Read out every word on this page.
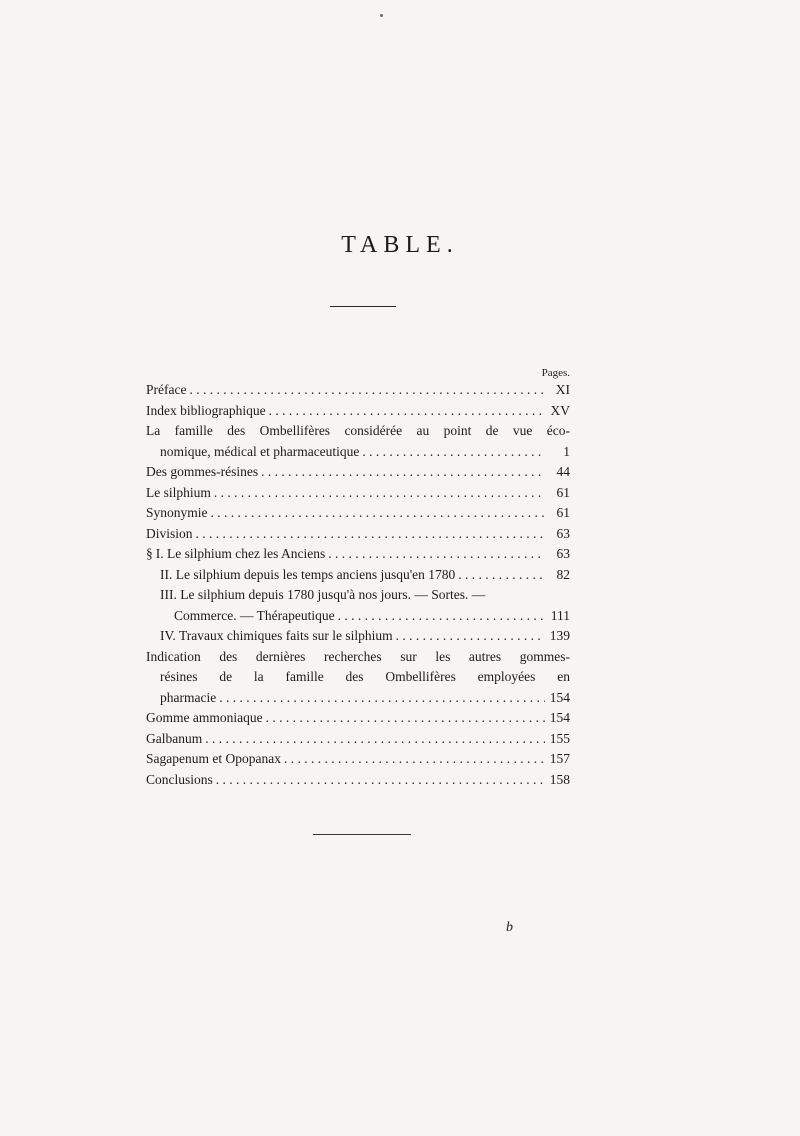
TABLE.
Pages.
Préface . . .	XI
Index bibliographique . . .	XV
La famille des Ombellifères considérée au point de vue éco-
nomique, médical et pharmaceutique . . .	1
Des gommes-résines . . .	44
Le silphium . . .	61
Synonymie . . .	61
Division . . .	63
§ I. Le silphium chez les Anciens . . .	63
II. Le silphium depuis les temps anciens jusqu'en 1780 . . .	82
III. Le silphium depuis 1780 jusqu'à nos jours. — Sortes. —
Commerce. — Thérapeutique . . .	111
IV. Travaux chimiques faits sur le silphium . . .	139
Indication des dernières recherches sur les autres gommes-
résines de la famille des Ombellifères employées en
pharmacie . . .	154
Gomme ammoniaque . . .	154
Galbanum . . .	155
Sagapenum et Opopanax . . .	157
Conclusions . . .	158
b
